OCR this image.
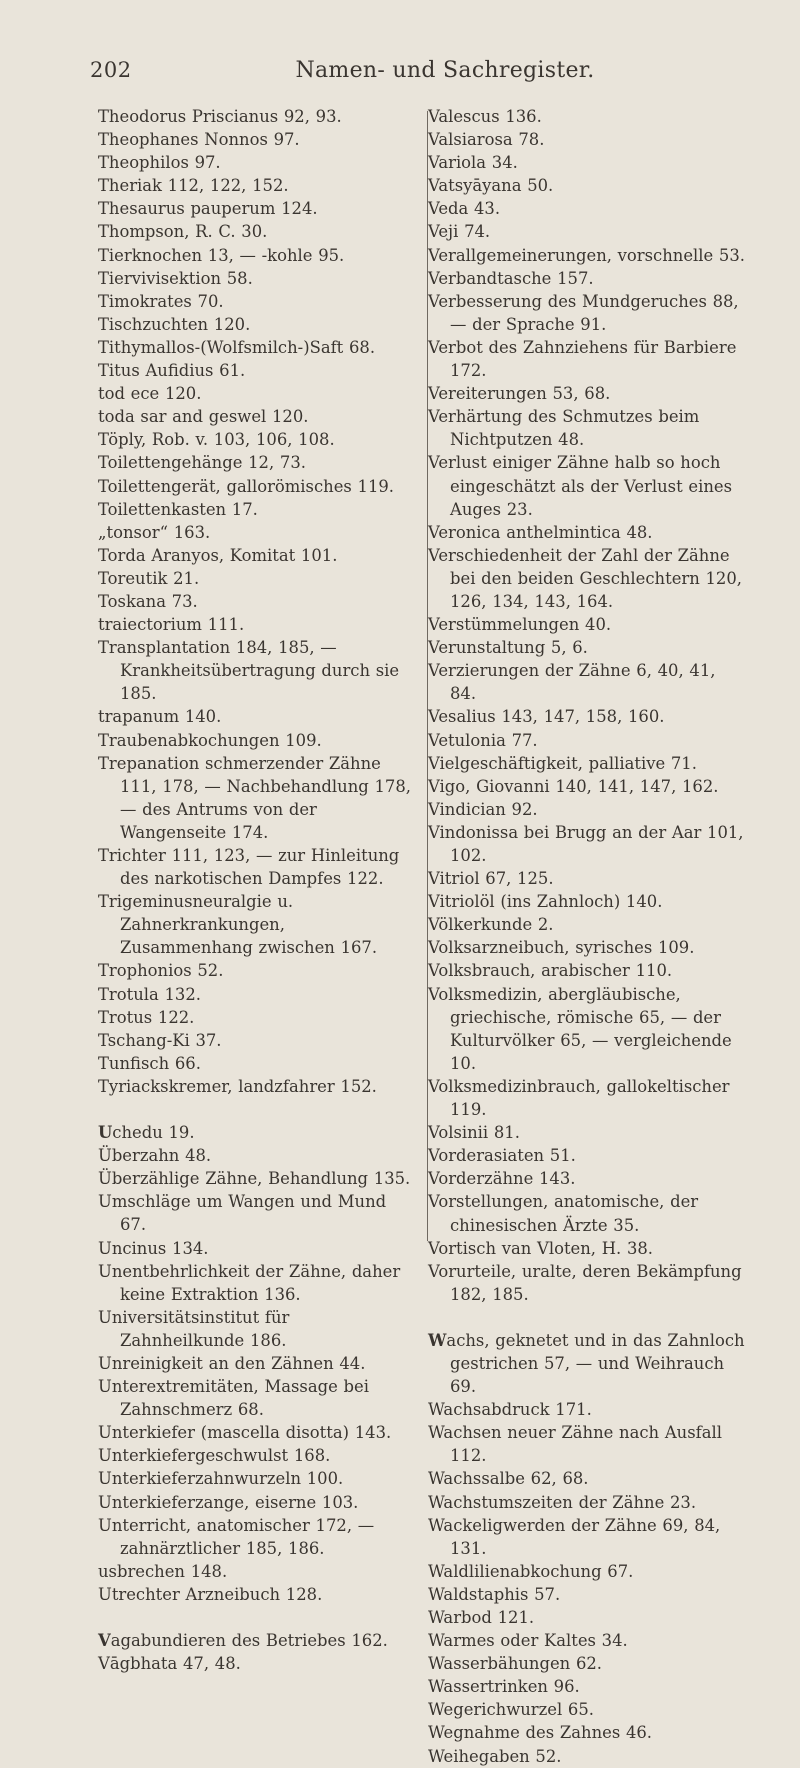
202	Namen- und Sachregister.

Theodorus Priscianus 92, 93.

Theophanes Nonnos 97.

Theophilos 97.

Theriak 112, 122, 152.

Thesaurus pauperum 124.

Thompson, R. C. 30.

Tierknochen 13, — -kohle 95.

Tiervivisektion 58.

Timokrates 70.

Tischzuchten 120.

Tithymallos-(Wolfsmilch-)Saft 68.

Titus Aufidius 61.

tod ece 120.

toda sar and geswel 120.

Töply, Rob. v. 103, 106, 108.

Toilettengehänge 12, 73.

Toilettengerät, gallorömisches 119.

Toilettenkasten 17.

„tonsor“ 163.

Torda Aranyos, Komitat 101.

Toreutik 21.

Toskana 73.

traiectorium 111.

Transplantation 184, 185, — Krankheitsübertragung durch sie 185.

trapanum 140.

Traubenabkochungen 109.

Trepanation schmerzender Zähne 111, 178, — Nachbehandlung 178, — des Antrums von der Wangenseite 174.

Trichter 111, 123, — zur Hinleitung des narkotischen Dampfes 122.

Trigeminusneuralgie u. Zahnerkrankungen, Zusammenhang zwischen 167.

Trophonios 52.

Trotula 132.

Trotus 122.

Tschang-Ki 37.

Tunfisch 66.

Tyriackskremer, landzfahrer 152.

Uchedu 19.

Überzahn 48.

Überzählige Zähne, Behandlung 135.

Umschläge um Wangen und Mund 67.

Uncinus 134.

Unentbehrlichkeit der Zähne, daher keine Extraktion 136.

Universitätsinstitut für Zahnheilkunde 186.

Unreinigkeit an den Zähnen 44.

Unterextremitäten, Massage bei Zahnschmerz 68.

Unterkiefer (mascella disotta) 143.

Unterkiefergeschwulst 168.

Unterkieferzahnwurzeln 100.

Unterkieferzange, eiserne 103.

Unterricht, anatomischer 172, — zahnärztlicher 185, 186.

usbrechen 148.

Utrechter Arzneibuch 128.

Vagabundieren des Betriebes 162.

Vāgbhata 47, 48.

Valescus 136.

Valsiarosa 78.

Variola 34.

Vatsyāyana 50.

Veda 43.

Veji 74.

Verallgemeinerungen, vorschnelle 53.

Verbandtasche 157.

Verbesserung des Mundgeruches 88, — der Sprache 91.

Verbot des Zahnziehens für Barbiere 172.

Vereiterungen 53, 68.

Verhärtung des Schmutzes beim Nichtputzen 48.

Verlust einiger Zähne halb so hoch eingeschätzt als der Verlust eines Auges 23.

Veronica anthelmintica 48.

Verschiedenheit der Zahl der Zähne bei den beiden Geschlechtern 120, 126, 134, 143, 164.

Verstümmelungen 40.

Verunstaltung 5, 6.

Verzierungen der Zähne 6, 40, 41, 84.

Vesalius 143, 147, 158, 160.

Vetulonia 77.

Vielgeschäftigkeit, palliative 71.

Vigo, Giovanni 140, 141, 147, 162.

Vindician 92.

Vindonissa bei Brugg an der Aar 101, 102.

Vitriol 67, 125.

Vitriolöl (ins Zahnloch) 140.

Völkerkunde 2.

Volksarzneibuch, syrisches 109.

Volksbrauch, arabischer 110.

Volksmedizin, abergläubische, griechische, römische 65, — der Kulturvölker 65, — vergleichende 10.

Volksmedizinbrauch, gallokeltischer 119.

Volsinii 81.

Vorderasiaten 51.

Vorderzähne 143.

Vorstellungen, anatomische, der chinesischen Ärzte 35.

Vortisch van Vloten, H. 38.

Vorurteile, uralte, deren Bekämpfung 182, 185.

Wachs, geknetet und in das Zahnloch gestrichen 57, — und Weihrauch 69.

Wachsabdruck 171.

Wachsen neuer Zähne nach Ausfall 112.

Wachssalbe 62, 68.

Wachstumszeiten der Zähne 23.

Wackeligwerden der Zähne 69, 84, 131.

Waldlilienabkochung 67.

Waldstaphis 57.

Warbod 121.

Warmes oder Kaltes 34.

Wasserbähungen 62.

Wassertrinken 96.

Wegerichwurzel 65.

Wegnahme des Zahnes 46.

Weihegaben 52.
